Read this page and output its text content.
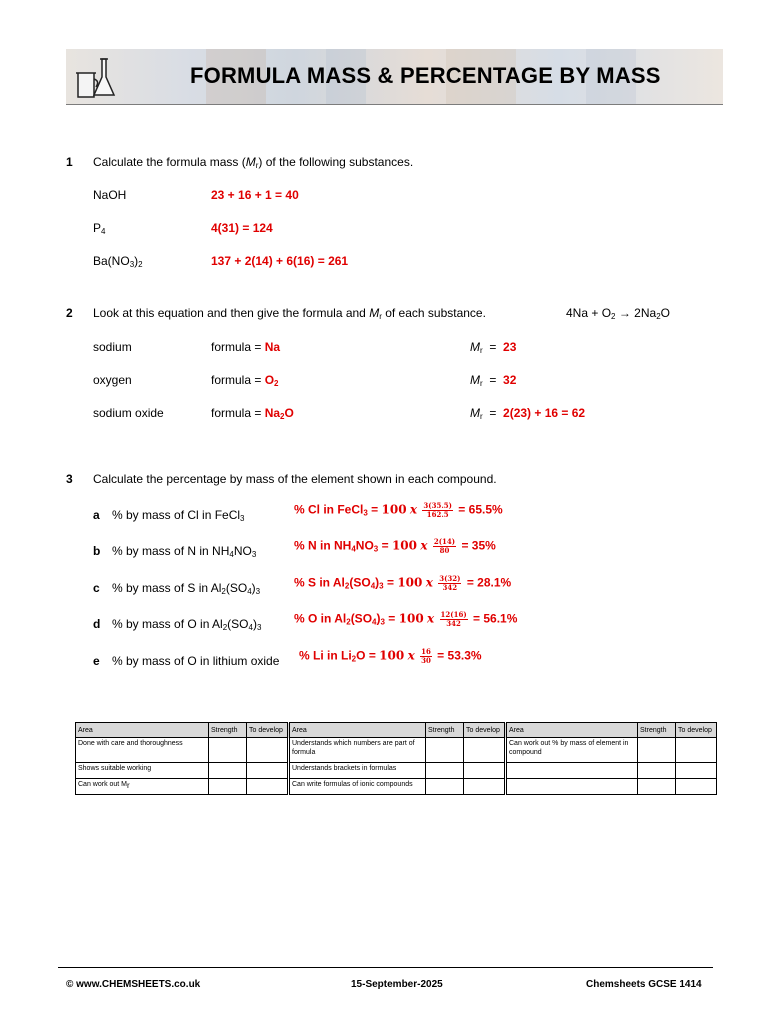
FORMULA MASS & PERCENTAGE BY MASS
1 Calculate the formula mass $(M_r)$ of the following substances.
NaOH	23 + 16 + 1 = 40
$P_4$	4(31) = 124
$Ba(NO_3)_2$	137 + 2(14) + 6(16) = 261
2 Look at this equation and then give the formula and $M_r$ of each substance.	$4Na + O_2 \to 2Na_2O$
sodium	formula = Na	$M_r = 23$
oxygen	formula = $O_2$	$M_r = 32$
sodium oxide	formula = $Na_2O$	$M_r = 2(23) + 16 = 62$
3 Calculate the percentage by mass of the element shown in each compound.
a % by mass of Cl in FeCl$_3$
% Cl in FeCl$_3$ = 100 x $\frac{3(35.5)}{162.5} = 65.5\%$
b % by mass of N in $NH_4NO_3$
% N in $NH_4NO_3 = 100$ x $\frac{2(14)}{80} = 35\%$
c % by mass of S in $Al_2(SO_4)_3$
% S in $Al_2(SO_4)_3 = 100$ x $\frac{3(32)}{342} = 28.1\%$
d % by mass of O in $Al_2(SO_4)_3$
% O in $Al_2(SO_4)_3 = 100$ x $\frac{12(16)}{342} = 56.1\%$
e % by mass of O in lithium oxide % Li in $Li_2O = 100$ x $\frac{16}{30} = 53.3\%$
Area	Strength	To develop		Area	Strength	To develop		Area	Strength	To develop
Done with care and thoroughness				Understands which numbers are part of formula				Can work out % by mass of element in compound		
Shows suitable working				Understands brackets in formulas						
Can work out $M_r$				Can write formulas of ionic compounds						
© www.CHEMSHEETS.co.uk	15-September-2025	Chemsheets GCSE 1414
